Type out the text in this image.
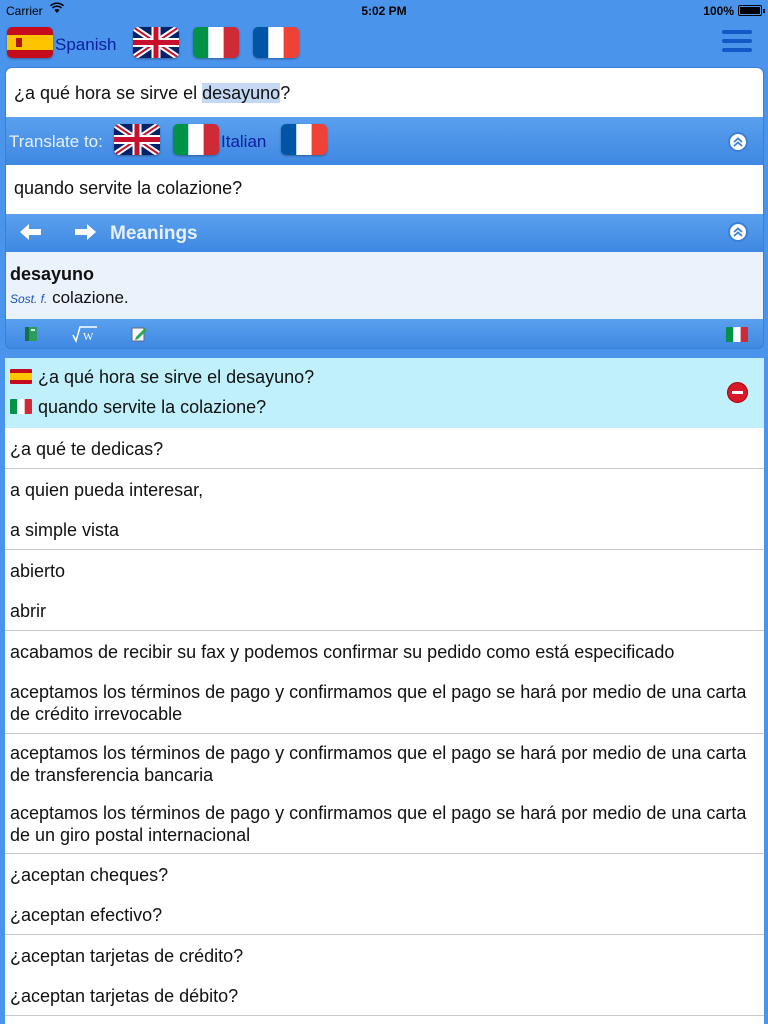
Carrier	5:02 PM	100%
Spanish
¿a qué hora se sirve el desayuno?
Translate to:	Italian
quando servite la colazione?
Meanings
desayuno
Sost. f. colazione.
W
¿a qué hora se sirve el desayuno?
quando servite la colazione?
¿a qué te dedicas?
a quien pueda interesar,
a simple vista
abierto
abrir
acabamos de recibir su fax y podemos confirmar su pedido como está especificado
aceptamos los términos de pago y confirmamos que el pago se hará por medio de una carta de crédito irrevocable
aceptamos los términos de pago y confirmamos que el pago se hará por medio de una carta de transferencia bancaria
aceptamos los términos de pago y confirmamos que el pago se hará por medio de una carta de un giro postal internacional
¿aceptan cheques?
¿aceptan efectivo?
¿aceptan tarjetas de crédito?
¿aceptan tarjetas de débito?
